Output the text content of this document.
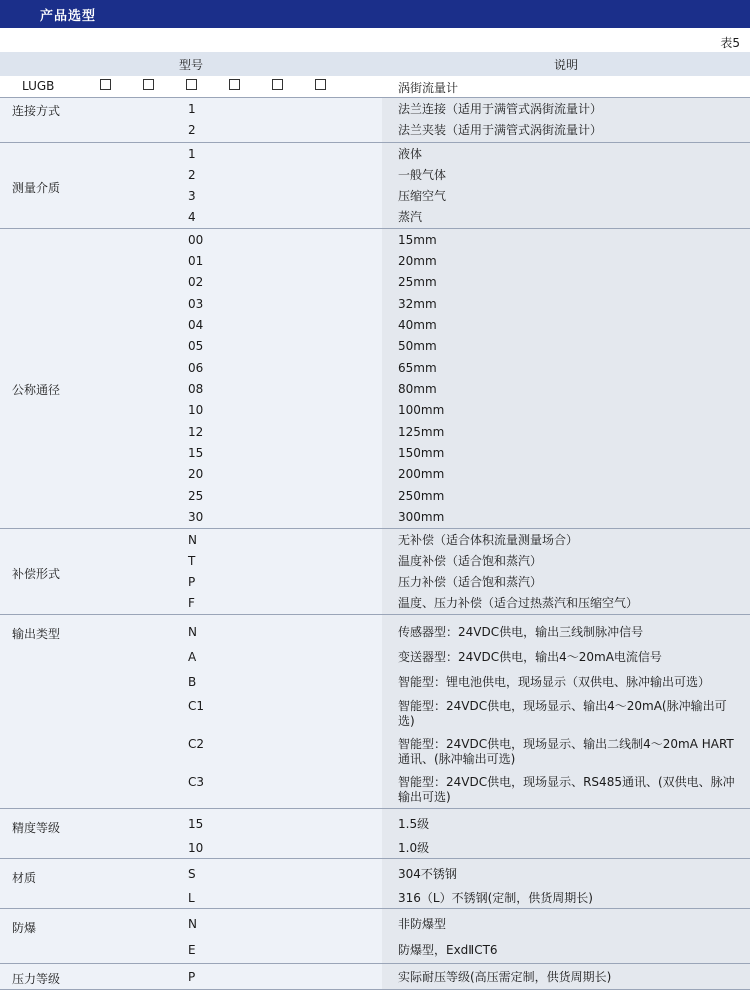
产品选型
表5
型号	说明
LUGB	涡街流量计
连接方式	1	法兰连接（适用于满管式涡街流量计）
2	法兰夹装（适用于满管式涡街流量计）
测量介质
1	液体
2	一般气体
3	压缩空气
4	蒸汽
公称通径
00	15mm
01	20mm
02	25mm
03	32mm
04	40mm
05	50mm
06	65mm
08	80mm
10	100mm
12	125mm
15	150mm
20	200mm
25	250mm
30	300mm
补偿形式
N	无补偿（适合体积流量测量场合）
T	温度补偿（适合饱和蒸汽）
P	压力补偿（适合饱和蒸汽）
F	温度、压力补偿（适合过热蒸汽和压缩空气）
输出类型	N	传感器型：24VDC供电，输出三线制脉冲信号
A	变送器型：24VDC供电，输出4～20mA电流信号
B	智能型：锂电池供电，现场显示（双供电、脉冲输出可选）
C1	智能型：24VDC供电，现场显示、输出4～20mA(脉冲输出可选)
C2	智能型：24VDC供电，现场显示、输出二线制4～20mA HART通讯、(脉冲输出可选)
C3	智能型：24VDC供电，现场显示、RS485通讯、(双供电、脉冲输出可选)
精度等级	15	1.5级
10	1.0级
材质	S	304不锈钢
L	316（L）不锈钢(定制，供货周期长)
防爆	N	非防爆型
E	防爆型，ExdⅡCT6
压力等级	P	实际耐压等级(高压需定制，供货周期长)
